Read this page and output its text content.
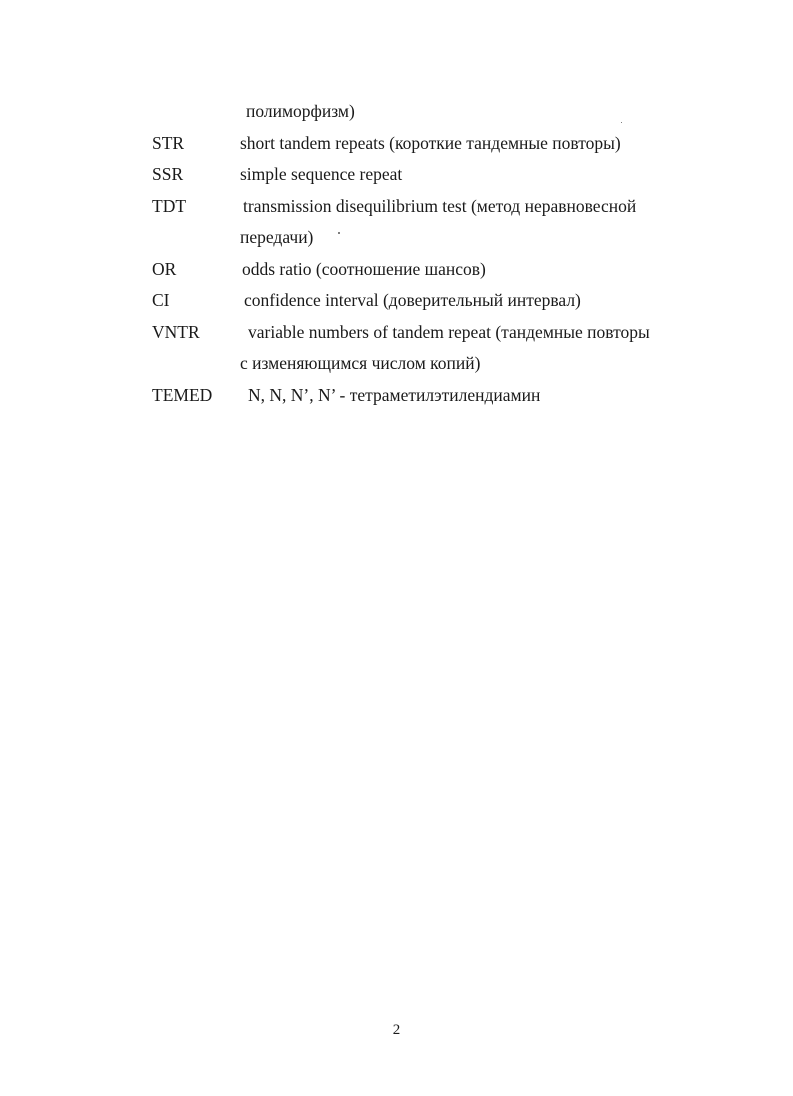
полиморфизм)
STR	short tandem repeats (короткие тандемные повторы)
SSR	simple sequence repeat
TDT	transmission disequilibrium test (метод неравновесной
передачи)
OR	odds ratio (соотношение шансов)
CI	confidence interval (доверительный интервал)
VNTR	variable numbers of tandem repeat (тандемные повторы
с изменяющимся числом копий)
TEMED	N, N, N’, N’ - тетраметилэтилендиамин
2
